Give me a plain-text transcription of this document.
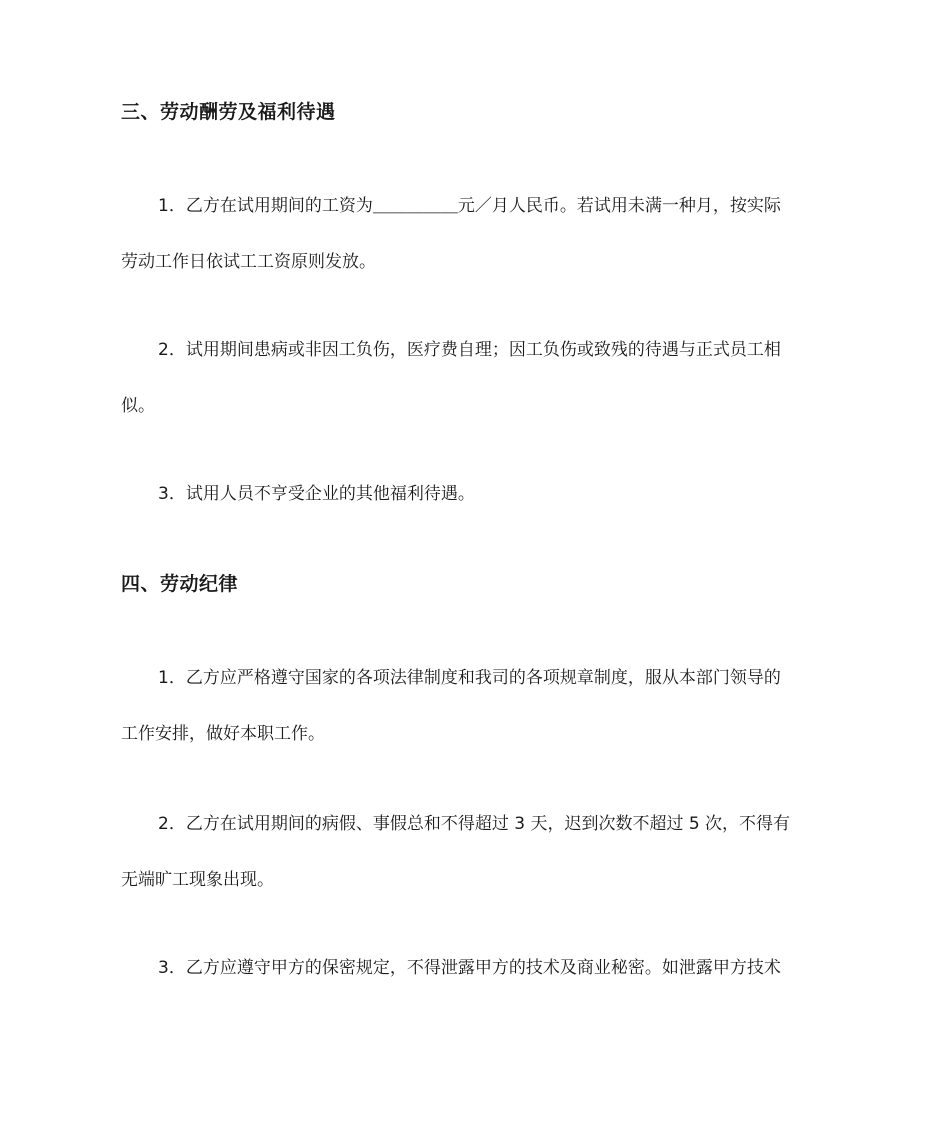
三、劳动酬劳及福利待遇
1．乙方在试用期间的工资为＿＿＿＿＿元／月人民币。若试用未满一种月，按实际
劳动工作日依试工工资原则发放。
2．试用期间患病或非因工负伤，医疗费自理；因工负伤或致残的待遇与正式员工相
似。
3．试用人员不亨受企业的其他福利待遇。
四、劳动纪律
1．乙方应严格遵守国家的各项法律制度和我司的各项规章制度，服从本部门领导的
工作安排，做好本职工作。
2．乙方在试用期间的病假、事假总和不得超过 3 天，迟到次数不超过 5 次，不得有
无端旷工现象出现。
3．乙方应遵守甲方的保密规定，不得泄露甲方的技术及商业秘密。如泄露甲方技术
